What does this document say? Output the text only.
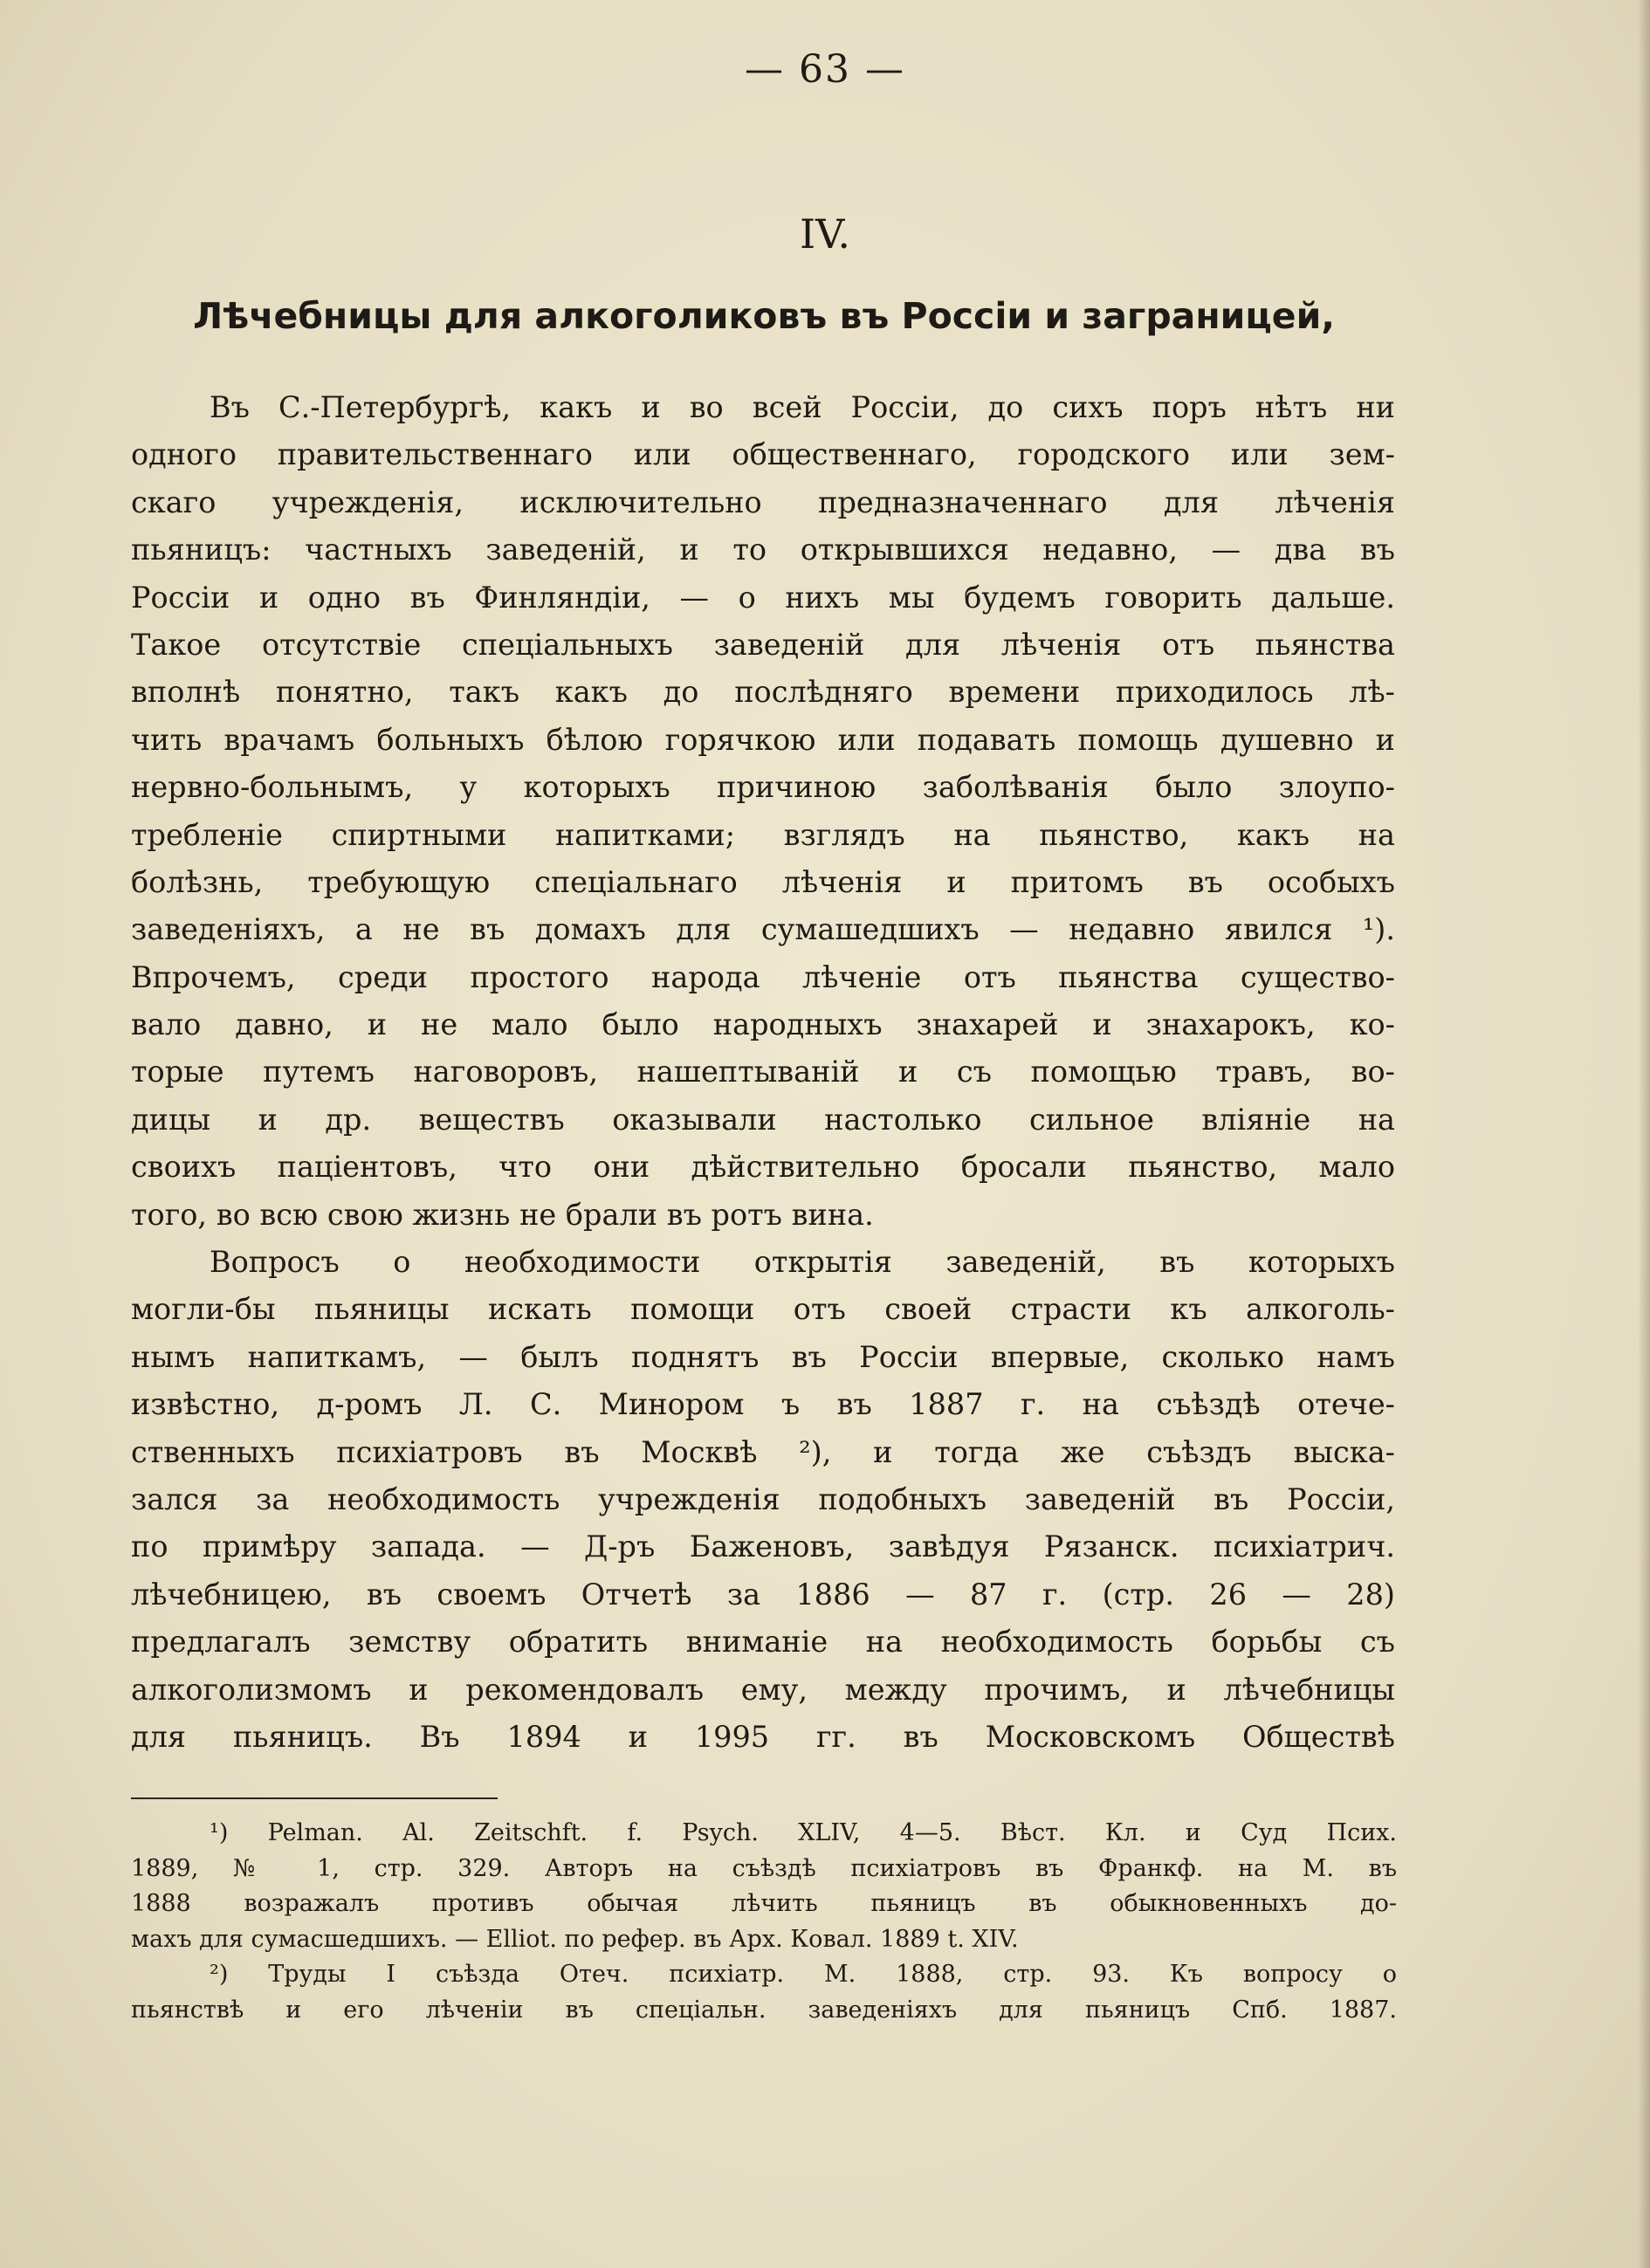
— 63 —
IV.
Лѣчебницы для алкоголиковъ въ Россіи и заграницей,

Въ С.-Петербургѣ, какъ и во всей Россіи, до сихъ поръ нѣтъ ни
одного правительственнаго или общественнаго, городского или зем-
скаго учрежденія, исключительно предназначеннаго для лѣченія
пьяницъ: частныхъ заведеній, и то открывшихся недавно, — два въ
Россіи и одно въ Финляндіи, — о нихъ мы будемъ говорить дальше.
Такое отсутствіе спеціальныхъ заведеній для лѣченія отъ пьянства
вполнѣ понятно, такъ какъ до послѣдняго времени приходилось лѣ-
чить врачамъ больныхъ бѣлою горячкою или подавать помощь душевно и
нервно-больнымъ, у которыхъ причиною заболѣванія было злоупо-
требленіе спиртными напитками; взглядъ на пьянство, какъ на
болѣзнь, требующую спеціальнаго лѣченія и притомъ въ особыхъ
заведеніяхъ, а не въ домахъ для сумашедшихъ — недавно явился ¹).
Впрочемъ, среди простого народа лѣченіе отъ пьянства существо-
вало давно, и не мало было народныхъ знахарей и знахарокъ, ко-
торые путемъ наговоровъ, нашептываній и съ помощью травъ, во-
дицы и др. веществъ оказывали настолько сильное вліяніе на
своихъ паціентовъ, что они дѣйствительно бросали пьянство, мало
того, во всю свою жизнь не брали въ ротъ вина.

Вопросъ о необходимости открытія заведеній, въ которыхъ
могли-бы пьяницы искать помощи отъ своей страсти къ алкоголь-
нымъ напиткамъ, — былъ поднятъ въ Россіи впервые, сколько намъ
извѣстно, д-ромъ Л. С. Минором ъ въ 1887 г. на съѣздѣ отече-
ственныхъ психіатровъ въ Москвѣ ²), и тогда же съѣздъ выска-
зался за необходимость учрежденія подобныхъ заведеній въ Россіи,
по примѣру запада. — Д-ръ Баженовъ, завѣдуя Рязанск. психіатрич.
лѣчебницею, въ своемъ Отчетѣ за 1886 — 87 г. (стр. 26 — 28)
предлагалъ земству обратить вниманіе на необходимость борьбы съ
алкоголизмомъ и рекомендовалъ ему, между прочимъ, и лѣчебницы
для пьяницъ. Въ 1894 и 1995 гг. въ Московскомъ Обществѣ

¹) Pelman. Al. Zeitschft. f. Psych. XLIV, 4—5. Вѣст. Кл. и Суд Псих.
1889, № 1, стр. 329. Авторъ на съѣздѣ психіатровъ въ Франкф. на М. въ
1888 возражалъ противъ обычая лѣчить пьяницъ въ обыкновенныхъ до-
махъ для сумасшедшихъ. — Elliot. по рефер. въ Арх. Ковал. 1889 t. XIV.
²) Труды I съѣзда Отеч. психіатр. М. 1888, стр. 93. Къ вопросу о
пьянствѣ и его лѣченіи въ спеціальн. заведеніяхъ для пьяницъ Спб. 1887.
